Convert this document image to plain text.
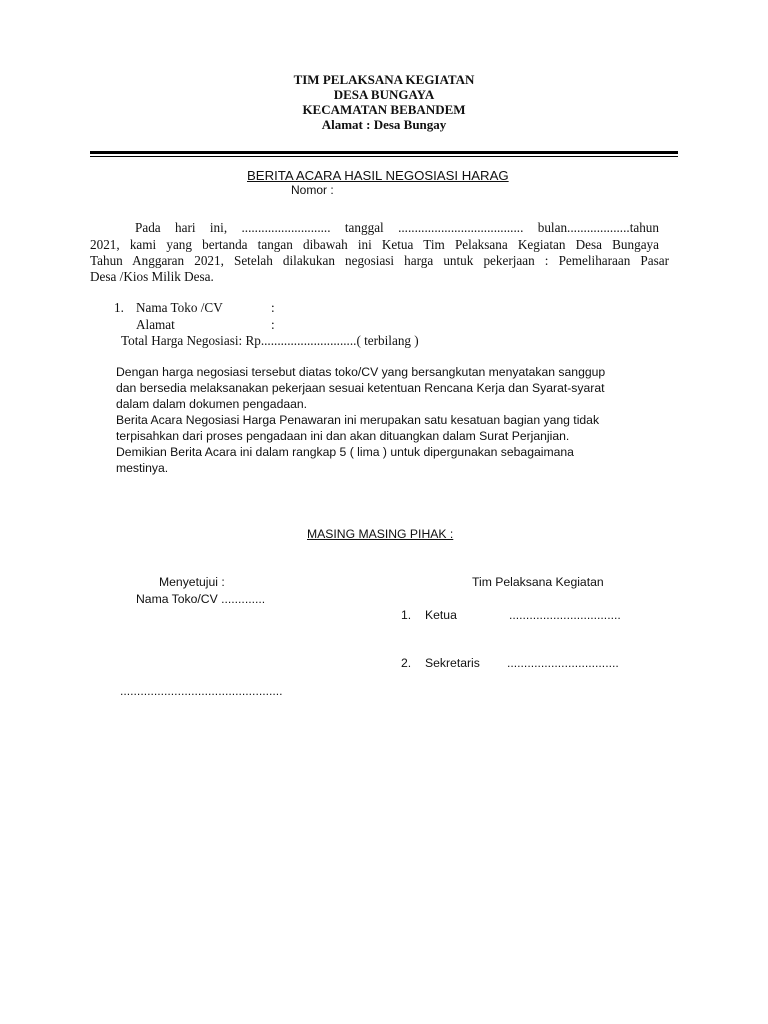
TIM PELAKSANA KEGIATAN
DESA BUNGAYA
KECAMATAN BEBANDEM
Alamat : Desa Bungay
BERITA ACARA HASIL NEGOSIASI HARAG
Nomor :
Pada hari ini, ........................... tanggal ...................................... bulan...................tahun
2021, kami yang bertanda tangan dibawah ini Ketua Tim Pelaksana Kegiatan Desa Bungaya
Tahun Anggaran 2021, Setelah dilakukan negosiasi harga untuk pekerjaan : Pemeliharaan Pasar
Desa /Kios Milik Desa.
1. Nama Toko /CV	:
Alamat	:
Total Harga Negosiasi: Rp.............................( terbilang )
Dengan harga negosiasi tersebut diatas toko/CV yang bersangkutan menyatakan sanggup
dan bersedia melaksanakan pekerjaan sesuai ketentuan Rencana Kerja dan Syarat-syarat
dalam dalam dokumen pengadaan.
Berita Acara Negosiasi Harga Penawaran ini merupakan satu kesatuan bagian yang tidak
terpisahkan dari proses pengadaan ini dan akan dituangkan dalam Surat Perjanjian.
Demikian Berita Acara ini dalam rangkap 5 ( lima ) untuk dipergunakan sebagaimana
mestinya.
MASING MASING PIHAK :
Menyetujui :
Nama Toko/CV .............
Tim Pelaksana Kegiatan
1. Ketua	.................................
2. Sekretaris .................................
................................................
